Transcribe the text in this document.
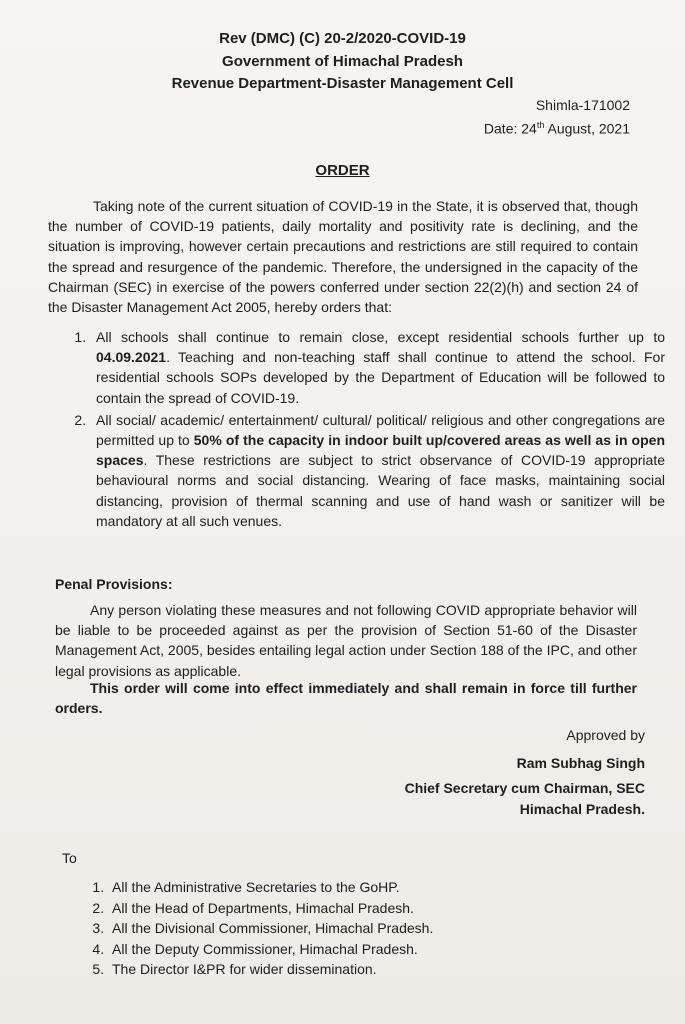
Rev (DMC) (C) 20-2/2020-COVID-19
Government of Himachal Pradesh
Revenue Department-Disaster Management Cell
Shimla-171002
Date: 24th August, 2021
ORDER
Taking note of the current situation of COVID-19 in the State, it is observed that, though the number of COVID-19 patients, daily mortality and positivity rate is declining, and the situation is improving, however certain precautions and restrictions are still required to contain the spread and resurgence of the pandemic. Therefore, the undersigned in the capacity of the Chairman (SEC) in exercise of the powers conferred under section 22(2)(h) and section 24 of the Disaster Management Act 2005, hereby orders that:
1. All schools shall continue to remain close, except residential schools further up to 04.09.2021. Teaching and non-teaching staff shall continue to attend the school. For residential schools SOPs developed by the Department of Education will be followed to contain the spread of COVID-19.
2. All social/ academic/ entertainment/ cultural/ political/ religious and other congregations are permitted up to 50% of the capacity in indoor built up/covered areas as well as in open spaces. These restrictions are subject to strict observance of COVID-19 appropriate behavioural norms and social distancing. Wearing of face masks, maintaining social distancing, provision of thermal scanning and use of hand wash or sanitizer will be mandatory at all such venues.
Penal Provisions:
Any person violating these measures and not following COVID appropriate behavior will be liable to be proceeded against as per the provision of Section 51-60 of the Disaster Management Act, 2005, besides entailing legal action under Section 188 of the IPC, and other legal provisions as applicable.
This order will come into effect immediately and shall remain in force till further orders.
Approved by
Ram Subhag Singh
Chief Secretary cum Chairman, SEC
Himachal Pradesh.
To
1. All the Administrative Secretaries to the GoHP.
2. All the Head of Departments, Himachal Pradesh.
3. All the Divisional Commissioner, Himachal Pradesh.
4. All the Deputy Commissioner, Himachal Pradesh.
5. The Director I&PR for wider dissemination.
